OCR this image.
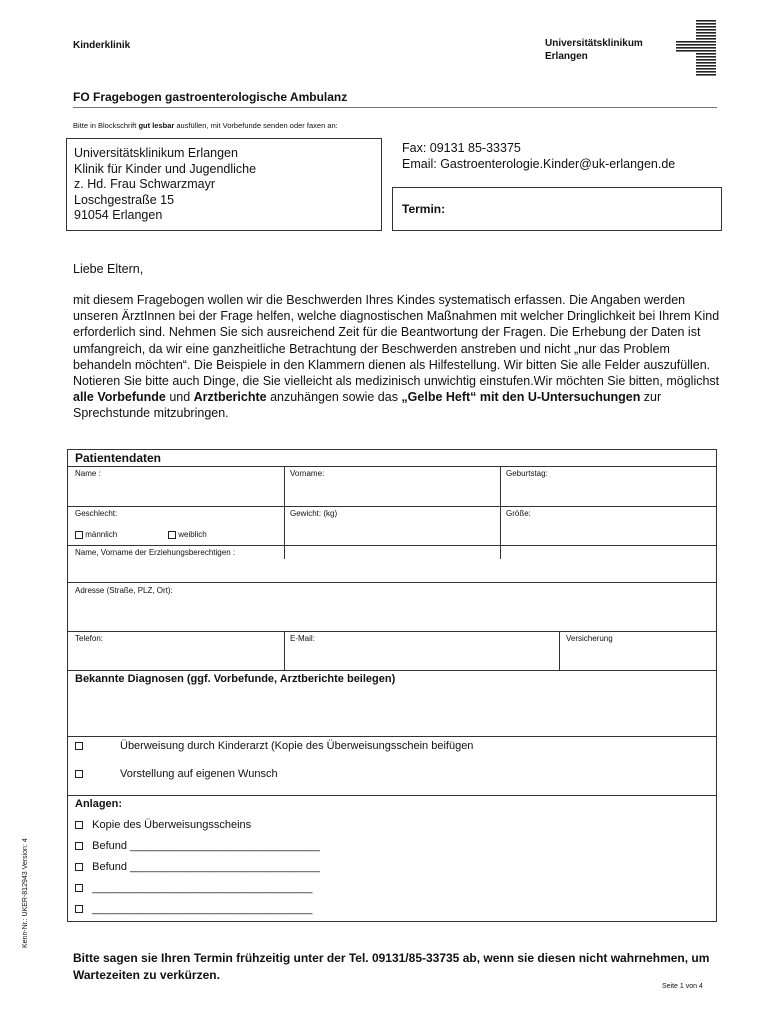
Kinderklinik	Universitätsklinikum
Erlangen
FO Fragebogen gastroenterologische Ambulanz
Bitte in Blockschrift gut lesbar ausfüllen, mit Vorbefunde senden oder faxen an:
Universitätsklinikum Erlangen
Klinik für Kinder und Jugendliche
z. Hd. Frau Schwarzmayr
Loschgestraße 15
91054 Erlangen
Fax: 09131 85-33375
Email: Gastroenterologie.Kinder@uk-erlangen.de
Termin:
Liebe Eltern,
mit diesem Fragebogen wollen wir die Beschwerden Ihres Kindes systematisch erfassen. Die Angaben werden unseren ÄrztInnen bei der Frage helfen, welche diagnostischen Maßnahmen mit welcher Dringlichkeit bei Ihrem Kind erforderlich sind. Nehmen Sie sich ausreichend Zeit für die Beantwortung der Fragen. Die Erhebung der Daten ist umfangreich, da wir eine ganzheitliche Betrachtung der Beschwerden anstreben und nicht „nur das Problem behandeln möchten“. Die Beispiele in den Klammern dienen als Hilfestellung. Wir bitten Sie alle Felder auszufüllen. Notieren Sie bitte auch Dinge, die Sie vielleicht als medizinisch unwichtig einstufen.Wir möchten Sie bitten, möglichst alle Vorbefunde und Arztberichte anzuhängen sowie das „Gelbe Heft“ mit den U-Untersuchungen zur Sprechstunde mitzubringen.
Patientendaten
Name :	Vorname:	Geburtstag:
Geschlecht:
männlich	weiblich
Gewicht: (kg)	Größe:
Name, Vorname der Erziehungsberechtigen :
Adresse (Straße, PLZ, Ort):
Telefon:	E-Mail:	Versicherung
Bekannte Diagnosen (ggf. Vorbefunde, Arztberichte beilegen)
Überweisung durch Kinderarzt (Kopie des Überweisungsschein beifügen
Vorstellung auf eigenen Wunsch
Anlagen:
Kopie des Überweisungsscheins
Befund _______________________________
Befund _______________________________
____________________________________
____________________________________
Kenn-Nr.: UKER-812943 Version: 4
Bitte sagen sie Ihren Termin frühzeitig unter der Tel. 09131/85-33735 ab, wenn sie diesen nicht wahrnehmen, um Wartezeiten zu verkürzen.
Seite 1 von 4
